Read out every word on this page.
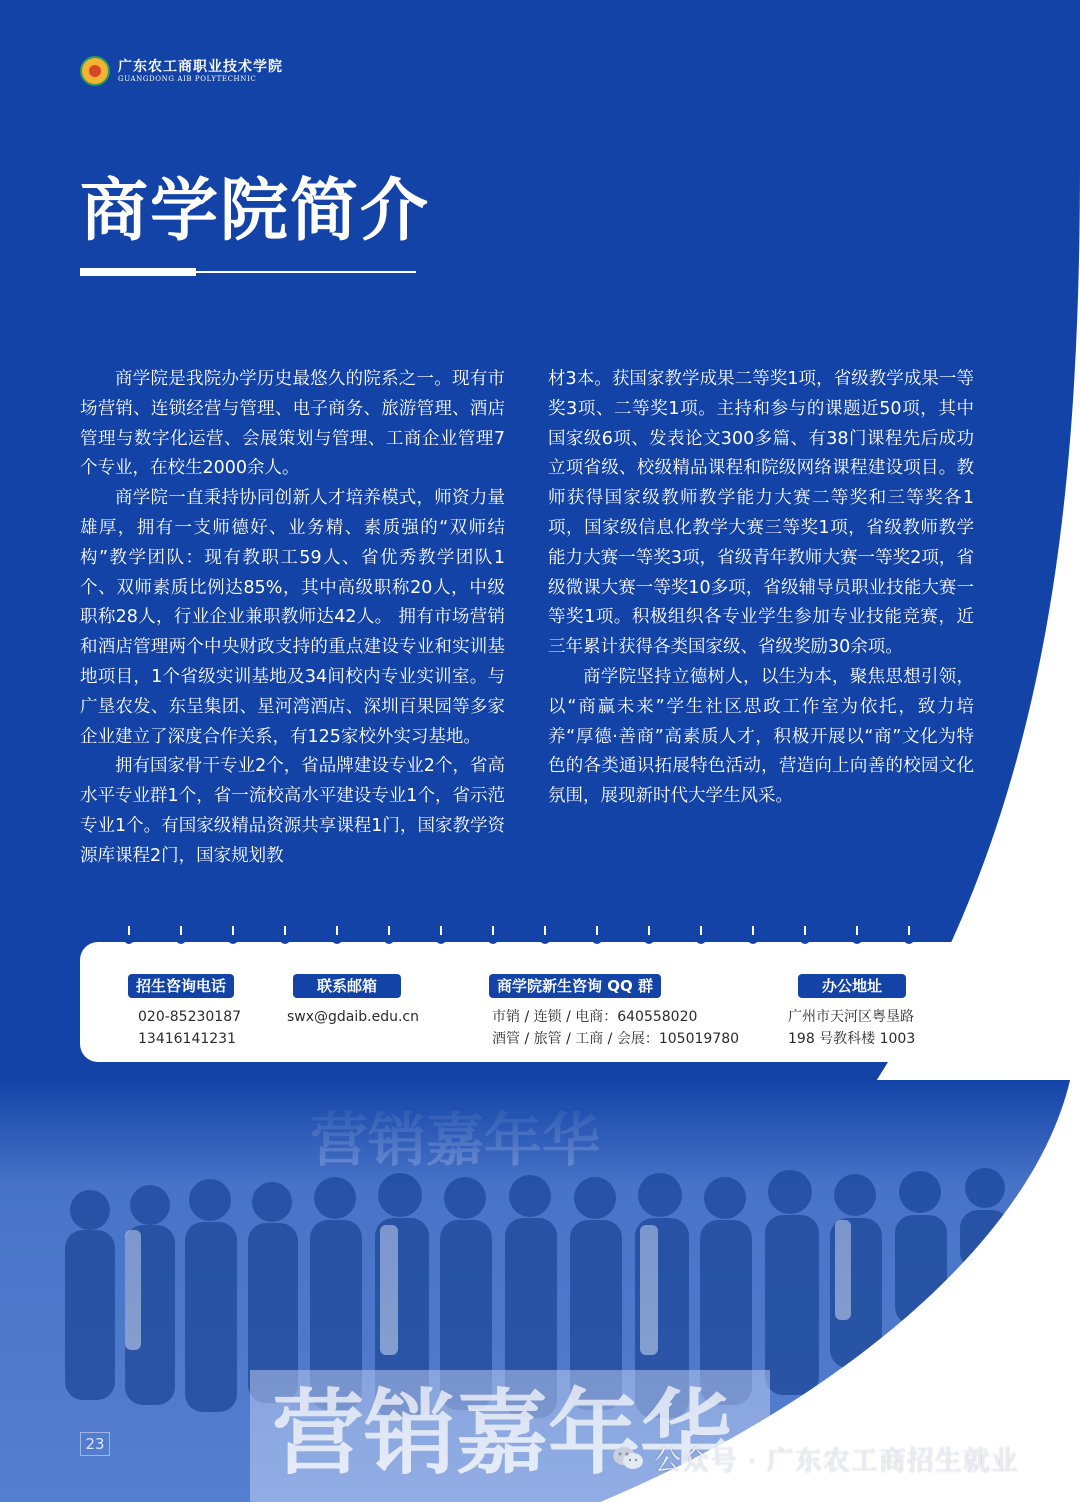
广东农工商职业技术学院
GUANGDONG AIB POLYTECHNIC
商学院简介

商学院是我院办学历史最悠久的院系之一。现有市场营销、连锁经营与管理、电子商务、旅游管理、酒店管理与数字化运营、会展策划与管理、工商企业管理7个专业，在校生2000余人。

商学院一直秉持协同创新人才培养模式，师资力量雄厚，拥有一支师德好、业务精、素质强的“双师结构”教学团队：现有教职工59人、省优秀教学团队1个、双师素质比例达85%，其中高级职称20人，中级职称28人，行业企业兼职教师达42人。 拥有市场营销和酒店管理两个中央财政支持的重点建设专业和实训基地项目，1个省级实训基地及34间校内专业实训室。与广垦农发、东呈集团、星河湾酒店、深圳百果园等多家企业建立了深度合作关系，有125家校外实习基地。

拥有国家骨干专业2个，省品牌建设专业2个，省高水平专业群1个，省一流校高水平建设专业1个，省示范专业1个。有国家级精品资源共享课程1门，国家教学资源库课程2门，国家规划教

材3本。获国家教学成果二等奖1项，省级教学成果一等奖3项、二等奖1项。主持和参与的课题近50项，其中国家级6项、发表论文300多篇、有38门课程先后成功立项省级、校级精品课程和院级网络课程建设项目。教师获得国家级教师教学能力大赛二等奖和三等奖各1项，国家级信息化教学大赛三等奖1项，省级教师教学能力大赛一等奖3项，省级青年教师大赛一等奖2项，省级微课大赛一等奖10多项，省级辅导员职业技能大赛一等奖1项。积极组织各专业学生参加专业技能竞赛，近三年累计获得各类国家级、省级奖励30余项。

商学院坚持立德树人，以生为本，聚焦思想引领，以“商赢未来”学生社区思政工作室为依托，致力培养“厚德·善商”高素质人才，积极开展以“商”文化为特色的各类通识拓展特色活动，营造向上向善的校园文化氛围，展现新时代大学生风采。

招生咨询电话
020-85230187
13416141231
联系邮箱
swx@gdaib.edu.cn
商学院新生咨询 QQ 群
市销 / 连锁 / 电商：640558020
酒管 / 旅管 / 工商 / 会展：105019780
办公地址
广州市天河区粤垦路
198 号教科楼 1003
23
公众号 · 广东农工商招生就业
